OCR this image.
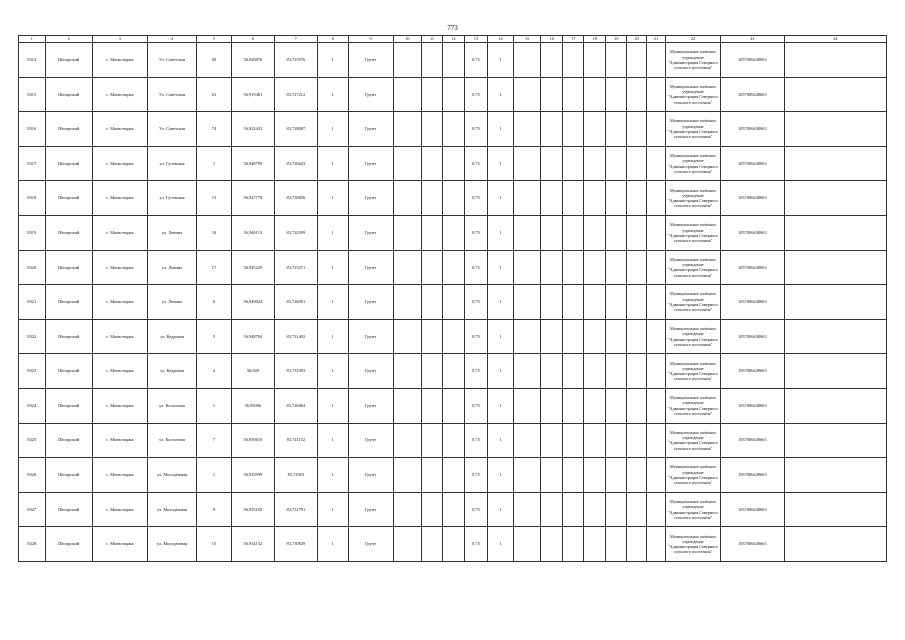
773
1	2	3	4	5	6	7	8	9	10	11	12	13	14	15	16	17	18	19	20	21	22	23	24
8314	Шегарский	с. Монастырка	Ул. Советская	60	56,920876	83,725976	1	Грунт				0,75	1								Муниципальное казённое учреждение "Администрация Северного сельского поселения"	1057006448663	
8315	Шегарский	с. Монастырка	Ул. Советская	61	56,919481	83,727212	1	Грунт				0,75	1								Муниципальное казённое учреждение "Администрация Северного сельского поселения"	1057006448663	
8316	Шегарский	с. Монастырка	Ул. Советская	74	56,922443	83,728087	1	Грунт				0,75	1								Муниципальное казённое учреждение "Администрация Северного сельского поселения"	1057006448663	
8317	Шегарский	с. Монастырка	ул. Гусевская	1	56,948799	83,726623	1	Грунт				0,75	1								Муниципальное казённое учреждение "Администрация Северного сельского поселения"	1057006448663	
8318	Шегарский	с. Монастырка	ул. Гусевская	13	56,947778	83,730836	1	Грунт				0,75	1								Муниципальное казённое учреждение "Администрация Северного сельского поселения"	1057006448663	
8319	Шегарский	с. Монастырка	ул. Ленина	10	56,946113	83,724399	1	Грунт				0,75	1								Муниципальное казённое учреждение "Администрация Северного сельского поселения"	1057006448663	
8320	Шегарский	с. Монастырка	ул. Ленина	17	56,945229	83,723371	1	Грунт				0,75	1								Муниципальное казённое учреждение "Администрация Северного сельского поселения"	1057006448663	
8321	Шегарский	с. Монастырка	ул. Ленина	6	56,949024	83,726001	1	Грунт				0,75	1								Муниципальное казённое учреждение "Администрация Северного сельского поселения"	1057006448663	
8322	Шегарский	с. Монастырка	ул. Кедровая	5	56,948794	83,731492	1	Грунт				0,75	1								Муниципальное казённое учреждение "Администрация Северного сельского поселения"	1057006448663	
8323	Шегарский	с. Монастырка	ул. Кедровая	4	56,949	83,731093	1	Грунт				0,75	1								Муниципальное казённое учреждение "Администрация Северного сельского поселения"	1057006448663	
8324	Шегарский	с. Монастырка	ул. Колхозная	1	56,95006	83,726064	1	Грунт				0,75	1								Муниципальное казённое учреждение "Администрация Северного сельского поселения"	1057006448663	
8325	Шегарский	с. Монастырка	ул. Колхозная	7	56,950616	83,721152	1	Грунт				0,75	1								Муниципальное казённое учреждение "Администрация Северного сельского поселения"	1057006448663	
8326	Шегарский	с. Монастырка	ул. Молодёжная	1	56,935999	83,72903	1	Грунт				0,75	1								Муниципальное казённое учреждение "Администрация Северного сельского поселения"	1057006448663	
8327	Шегарский	с. Монастырка	ул. Молодёжная	9	56,935105	83,731791	1	Грунт				0,75	1								Муниципальное казённое учреждение "Администрация Северного сельского поселения"	1057006448663	
8328	Шегарский	с. Монастырка	ул. Молодёжная	15	56,934132	83,730829	1	Грунт				0,75	1								Муниципальное казённое учреждение "Администрация Северного сельского поселения"	1057006448663	
